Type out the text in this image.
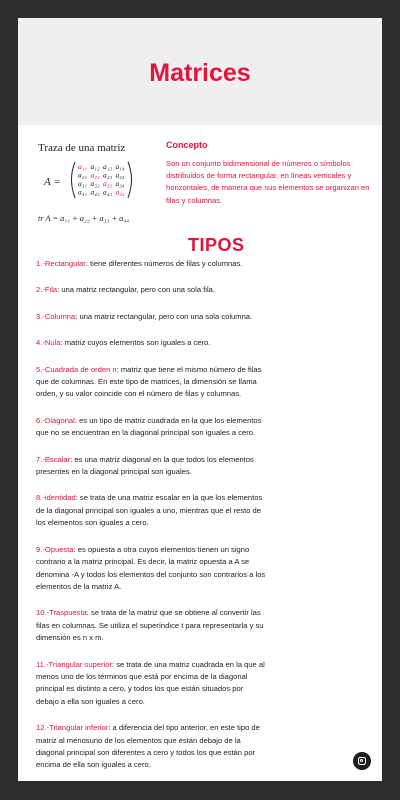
Matrices
Traza de una matriz
A =
a₁₁ a₁₂ a₁₃ a₁₄
a₂₁ a₂₂ a₂₃ a₂₄
a₃₁ a₃₂ a₃₃ a₃₄
a₄₁ a₄₂ a₄₃ a₄₄
tr A = a₁₁ + a₂₂ + a₃₃ + a₄₄
Concepto
Son un conjunto bidimensional de números o símbolos distribuidos de forma rectangular, en líneas verticales y horizontales, de manera que sus elementos se organizan en filas y columnas.
TIPOS

1.-Rectangular: tiene diferentes números de filas y columnas.

2.-Fila: una matriz rectangular, pero con una sola fila.

3.-Columna: una matriz rectangular, pero con una sola columna.

4.-Nula: matriz cuyos elementos son iguales a cero.

5.-Cuadrada de orden n: matriz que tiene el mismo número de filas que de columnas. En este tipo de matrices, la dimensión se llama orden, y su valor coincide con el número de filas y columnas.

6.-Diagonal: es un tipo de matriz cuadrada en la que los elementos que no se encuentran en la diagonal principal son iguales a cero.

7.-Escalar: es una matriz diagonal en la que todos los elementos presentes en la diagonal principal son iguales.

8.-identidad: se trata de una matriz escalar en la que los elementos de la diagonal principal son iguales a uno, mientras que el resto de los elementos son iguales a cero.

9.-Opuesta: es opuesta a otra cuyos elementos tienen un signo contrario a la matriz principal. Es decir, la matriz opuesta a A se denomina -A y todos los elementos del conjunto son contrarios a los elementos de la matriz A.

10.-Traspuesta: se trata de la matriz que se obtiene al convertir las filas en columnas. Se utiliza el superíndice t para representarla y su dimensión es n x m.

11.-Triangular superior: se trata de una matriz cuadrada en la que al menos uno de los términos que está por encima de la diagonal principal es distinto a cero, y todos los que están situados por debajo a ella son iguales a cero.

12.-Triangular inferior: a diferencia del tipo anterior, en este tipo de matriz al menosuno de los elementos que están debajo de la diagonal principal son diferentes a cero y todos los que están por encima de ella son iguales a cero.
